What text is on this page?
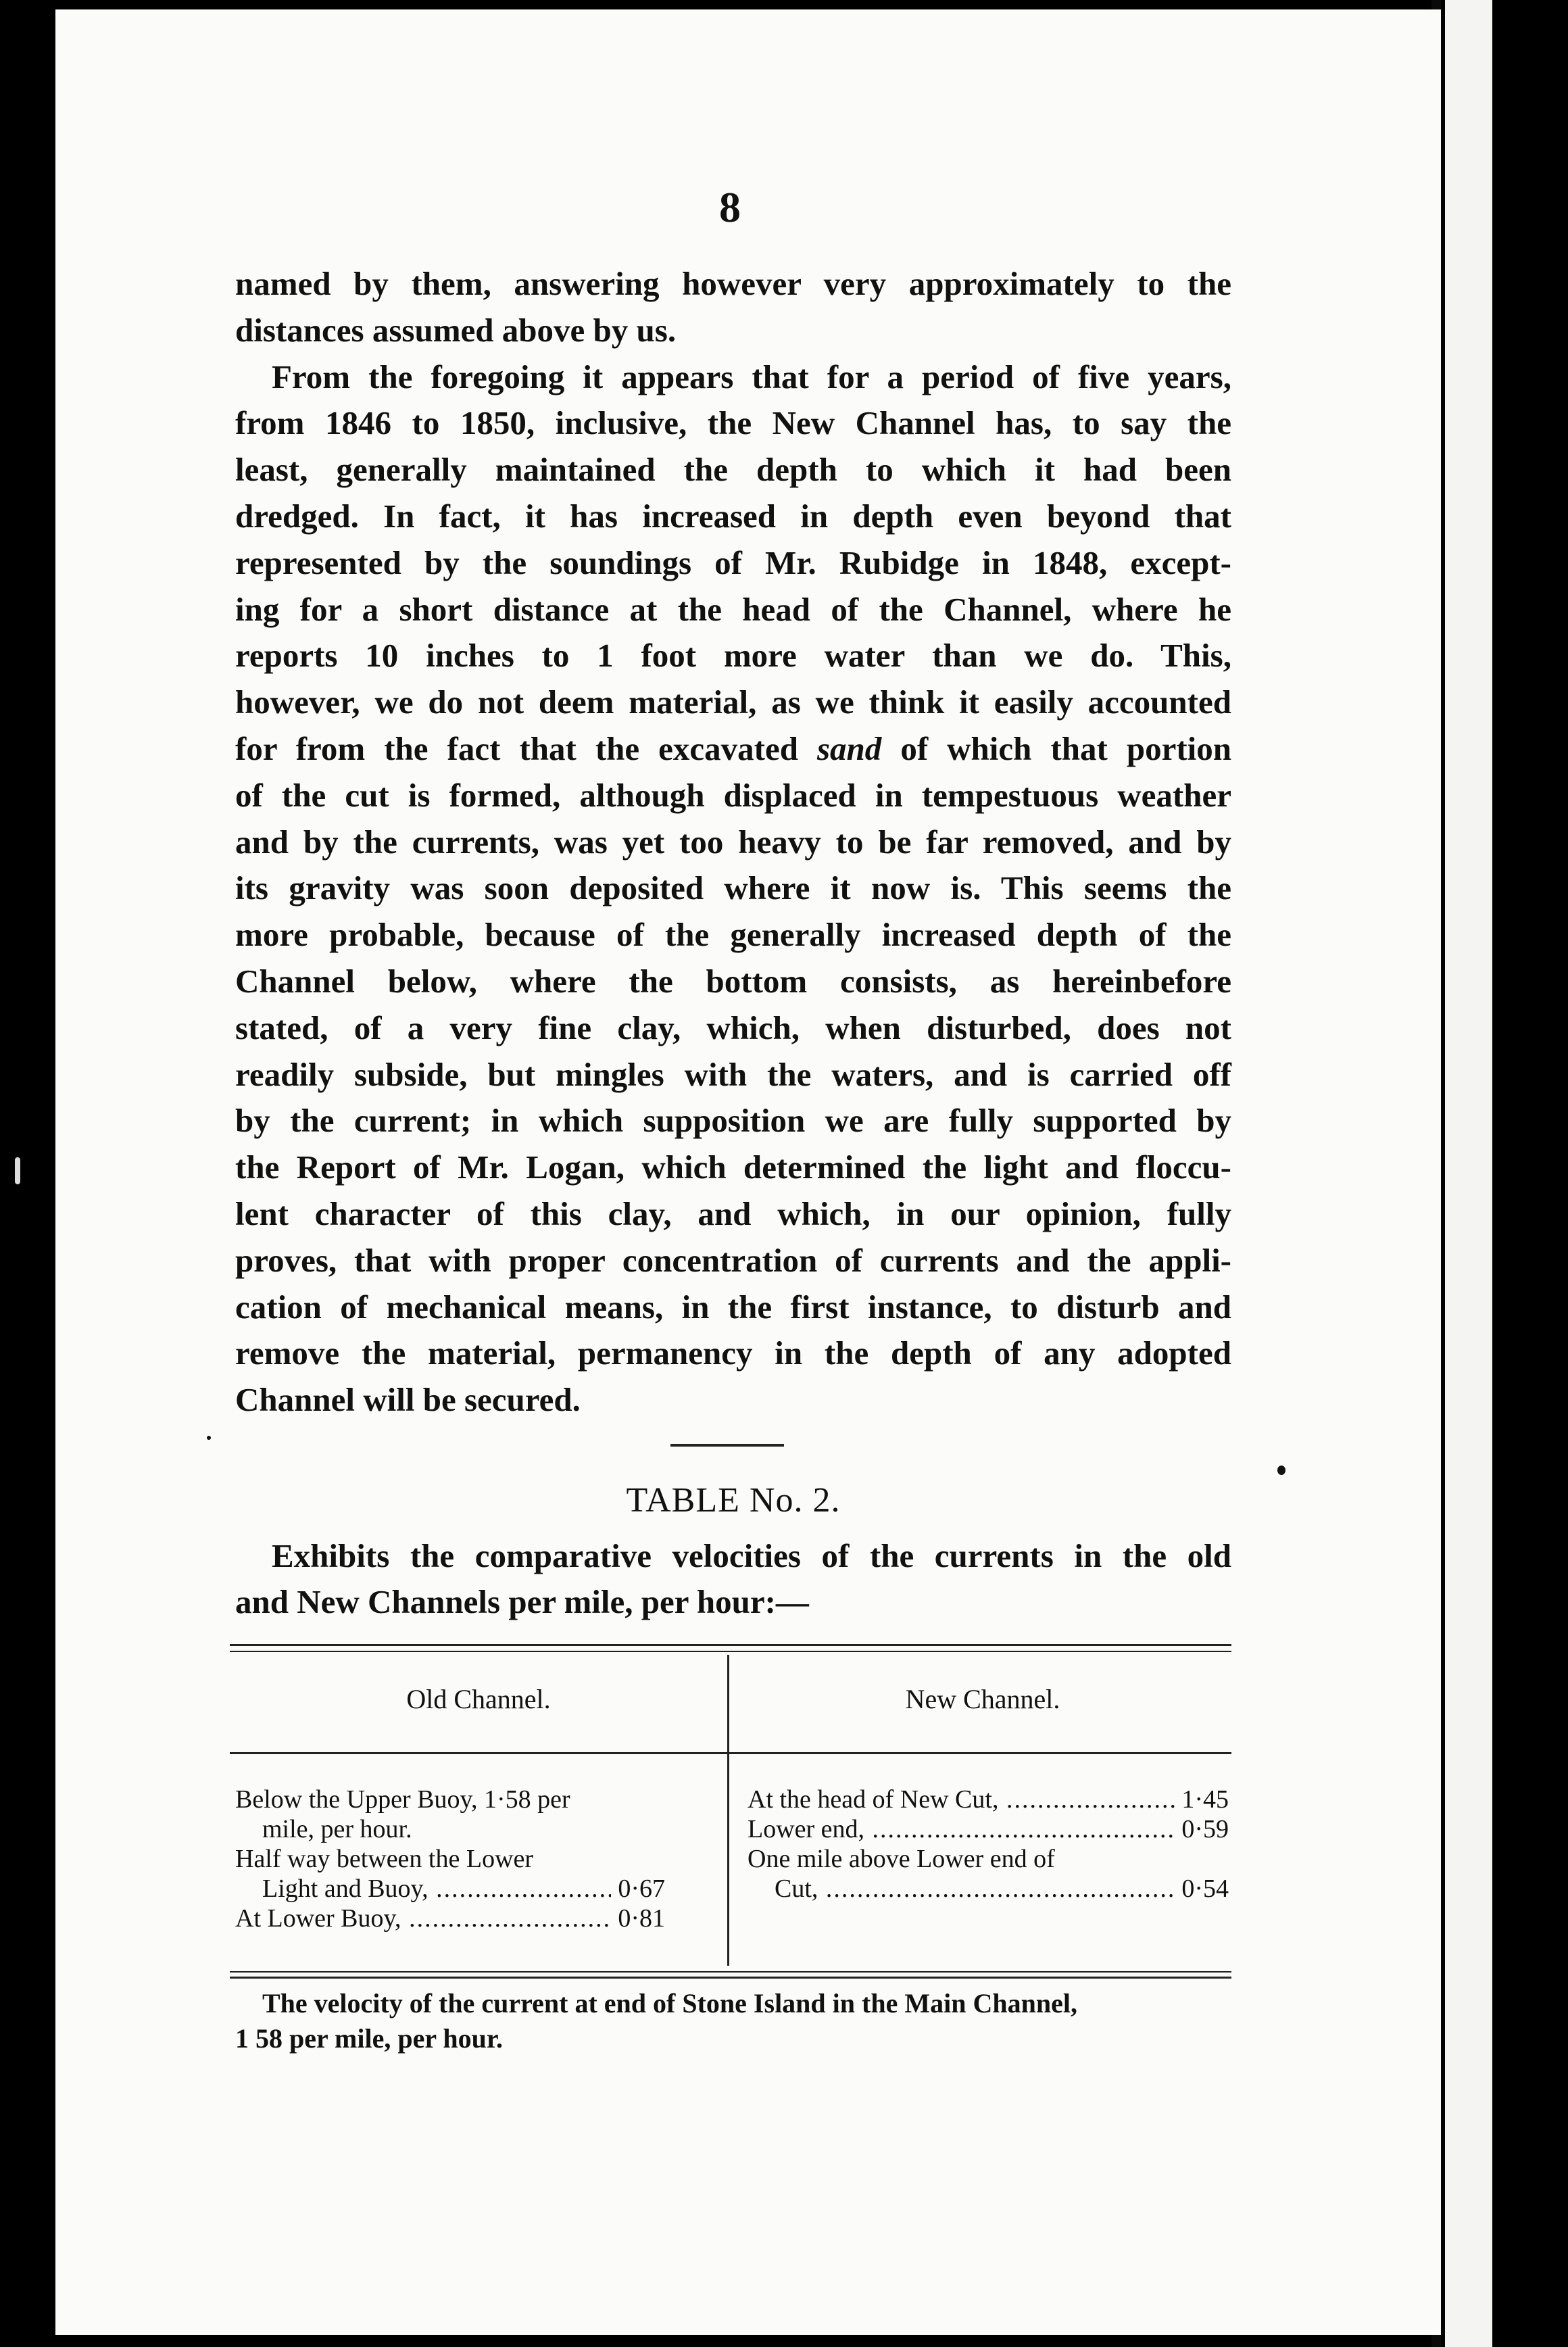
8
named by them, answering however very approximately to the
distances assumed above by us.
From the foregoing it appears that for a period of five years,
from 1846 to 1850, inclusive, the New Channel has, to say the
least, generally maintained the depth to which it had been
dredged. In fact, it has increased in depth even beyond that
represented by the soundings of Mr. Rubidge in 1848, except-
ing for a short distance at the head of the Channel, where he
reports 10 inches to 1 foot more water than we do. This,
however, we do not deem material, as we think it easily accounted
for from the fact that the excavated sand of which that portion
of the cut is formed, although displaced in tempestuous weather
and by the currents, was yet too heavy to be far removed, and by
its gravity was soon deposited where it now is. This seems the
more probable, because of the generally increased depth of the
Channel below, where the bottom consists, as hereinbefore
stated, of a very fine clay, which, when disturbed, does not
readily subside, but mingles with the waters, and is carried off
by the current; in which supposition we are fully supported by
the Report of Mr. Logan, which determined the light and floccu-
lent character of this clay, and which, in our opinion, fully
proves, that with proper concentration of currents and the appli-
cation of mechanical means, in the first instance, to disturb and
remove the material, permanency in the depth of any adopted
Channel will be secured.
TABLE No. 2.
Exhibits the comparative velocities of the currents in the old
and New Channels per mile, per hour:—
Old Channel.	New Channel.
Below the Upper Buoy, 1·58 per
mile, per hour.
Half way between the Lower
Light and Buoy, .....	0·67
At Lower Buoy, .....	0·81
At the head of New Cut, .....	1·45
Lower end, .....	0·59
One mile above Lower end of
Cut, .....	0·54
The velocity of the current at end of Stone Island in the Main Channel,
1 58 per mile, per hour.
